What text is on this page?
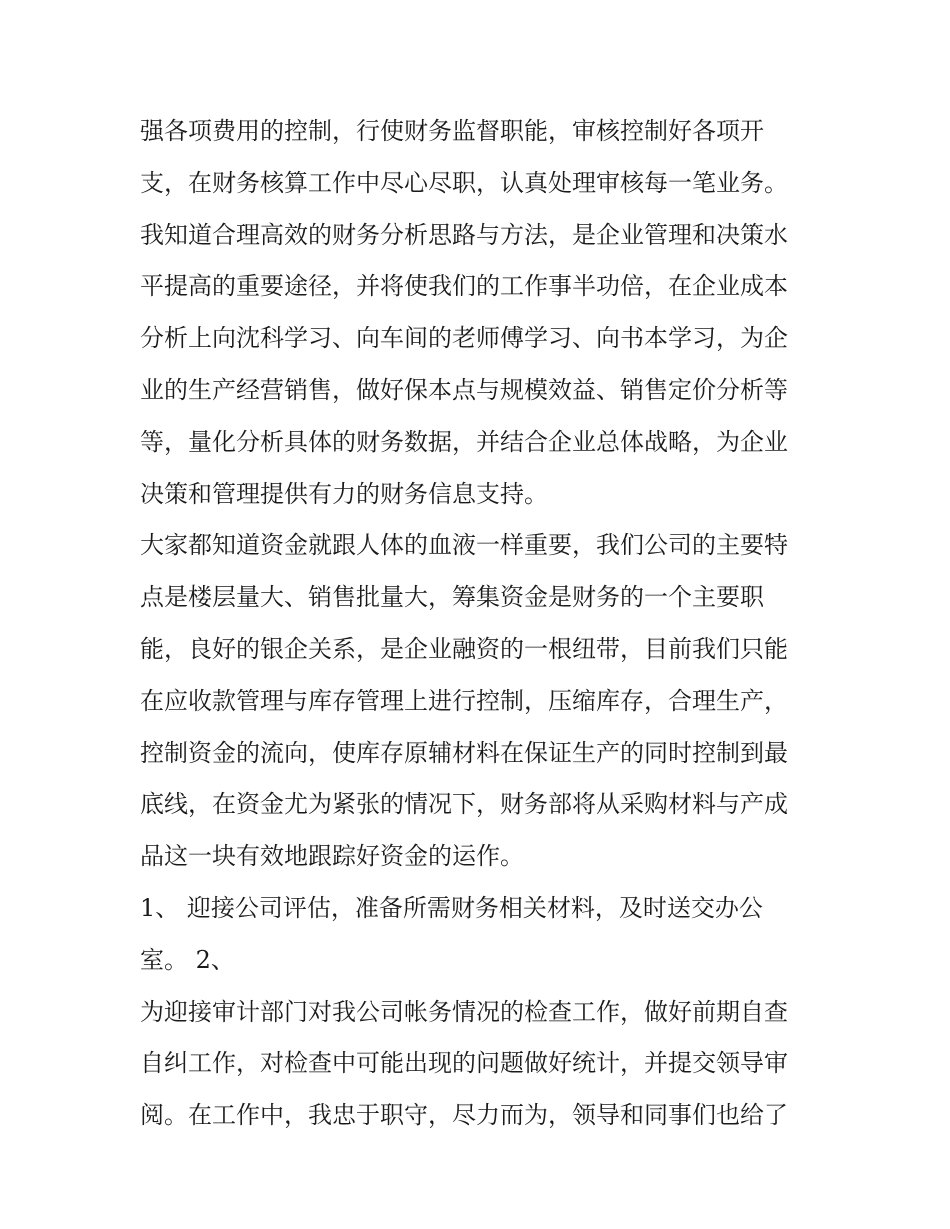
强各项费用的控制，行使财务监督职能，审核控制好各项开
支，在财务核算工作中尽心尽职，认真处理审核每一笔业务。
我知道合理高效的财务分析思路与方法，是企业管理和决策水
平提高的重要途径，并将使我们的工作事半功倍，在企业成本
分析上向沈科学习、向车间的老师傅学习、向书本学习，为企
业的生产经营销售，做好保本点与规模效益、销售定价分析等
等，量化分析具体的财务数据，并结合企业总体战略，为企业
决策和管理提供有力的财务信息支持。
大家都知道资金就跟人体的血液一样重要，我们公司的主要特
点是楼层量大、销售批量大，筹集资金是财务的一个主要职
能，良好的银企关系，是企业融资的一根纽带，目前我们只能
在应收款管理与库存管理上进行控制，压缩库存，合理生产，
控制资金的流向，使库存原辅材料在保证生产的同时控制到最
底线，在资金尤为紧张的情况下，财务部将从采购材料与产成
品这一块有效地跟踪好资金的运作。
1、 迎接公司评估，准备所需财务相关材料，及时送交办公
室。 2、
为迎接审计部门对我公司帐务情况的检查工作，做好前期自查
自纠工作，对检查中可能出现的问题做好统计，并提交领导审
阅。在工作中，我忠于职守，尽力而为，领导和同事们也给了
